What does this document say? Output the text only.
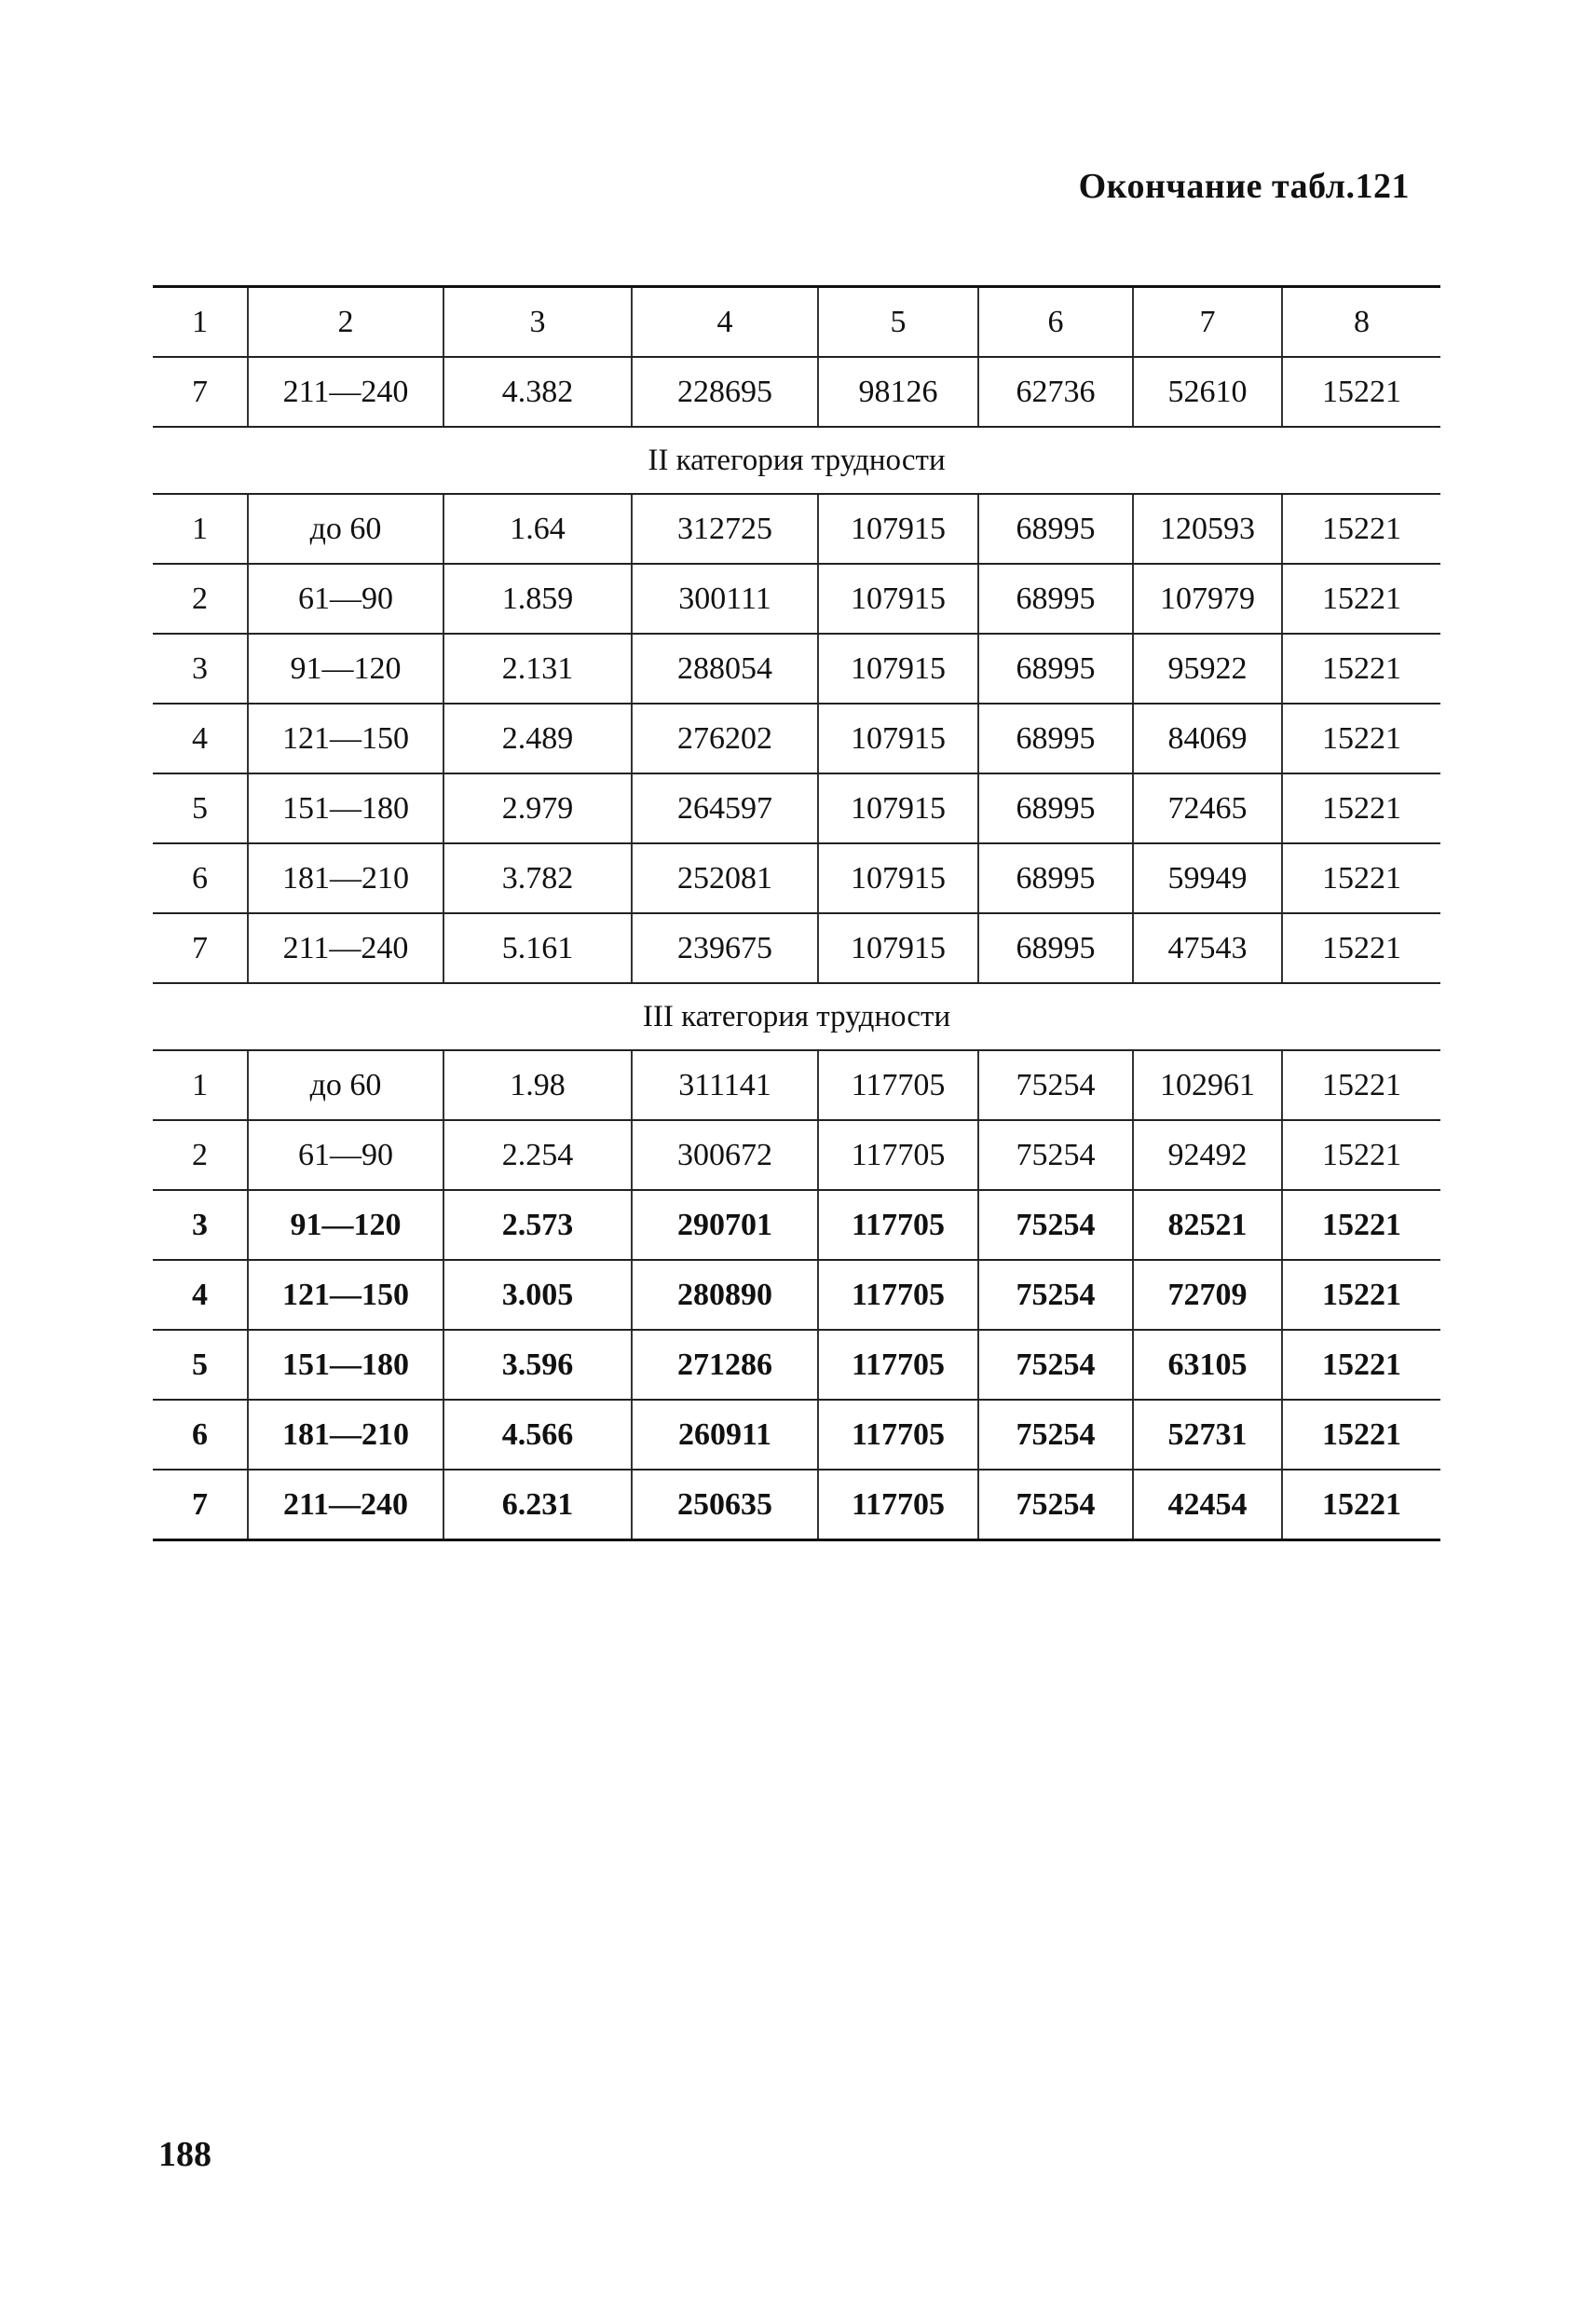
Окончание табл.121
1	2	3	4	5	6	7	8
7	211—240	4.382	228695	98126	62736	52610	15221
II категория трудности							
1	до 60	1.64	312725	107915	68995	120593	15221
2	61—90	1.859	300111	107915	68995	107979	15221
3	91—120	2.131	288054	107915	68995	95922	15221
4	121—150	2.489	276202	107915	68995	84069	15221
5	151—180	2.979	264597	107915	68995	72465	15221
6	181—210	3.782	252081	107915	68995	59949	15221
7	211—240	5.161	239675	107915	68995	47543	15221
III категория трудности							
1	до 60	1.98	311141	117705	75254	102961	15221
2	61—90	2.254	300672	117705	75254	92492	15221
3	91—120	2.573	290701	117705	75254	82521	15221
4	121—150	3.005	280890	117705	75254	72709	15221
5	151—180	3.596	271286	117705	75254	63105	15221
6	181—210	4.566	260911	117705	75254	52731	15221
7	211—240	6.231	250635	117705	75254	42454	15221
188
